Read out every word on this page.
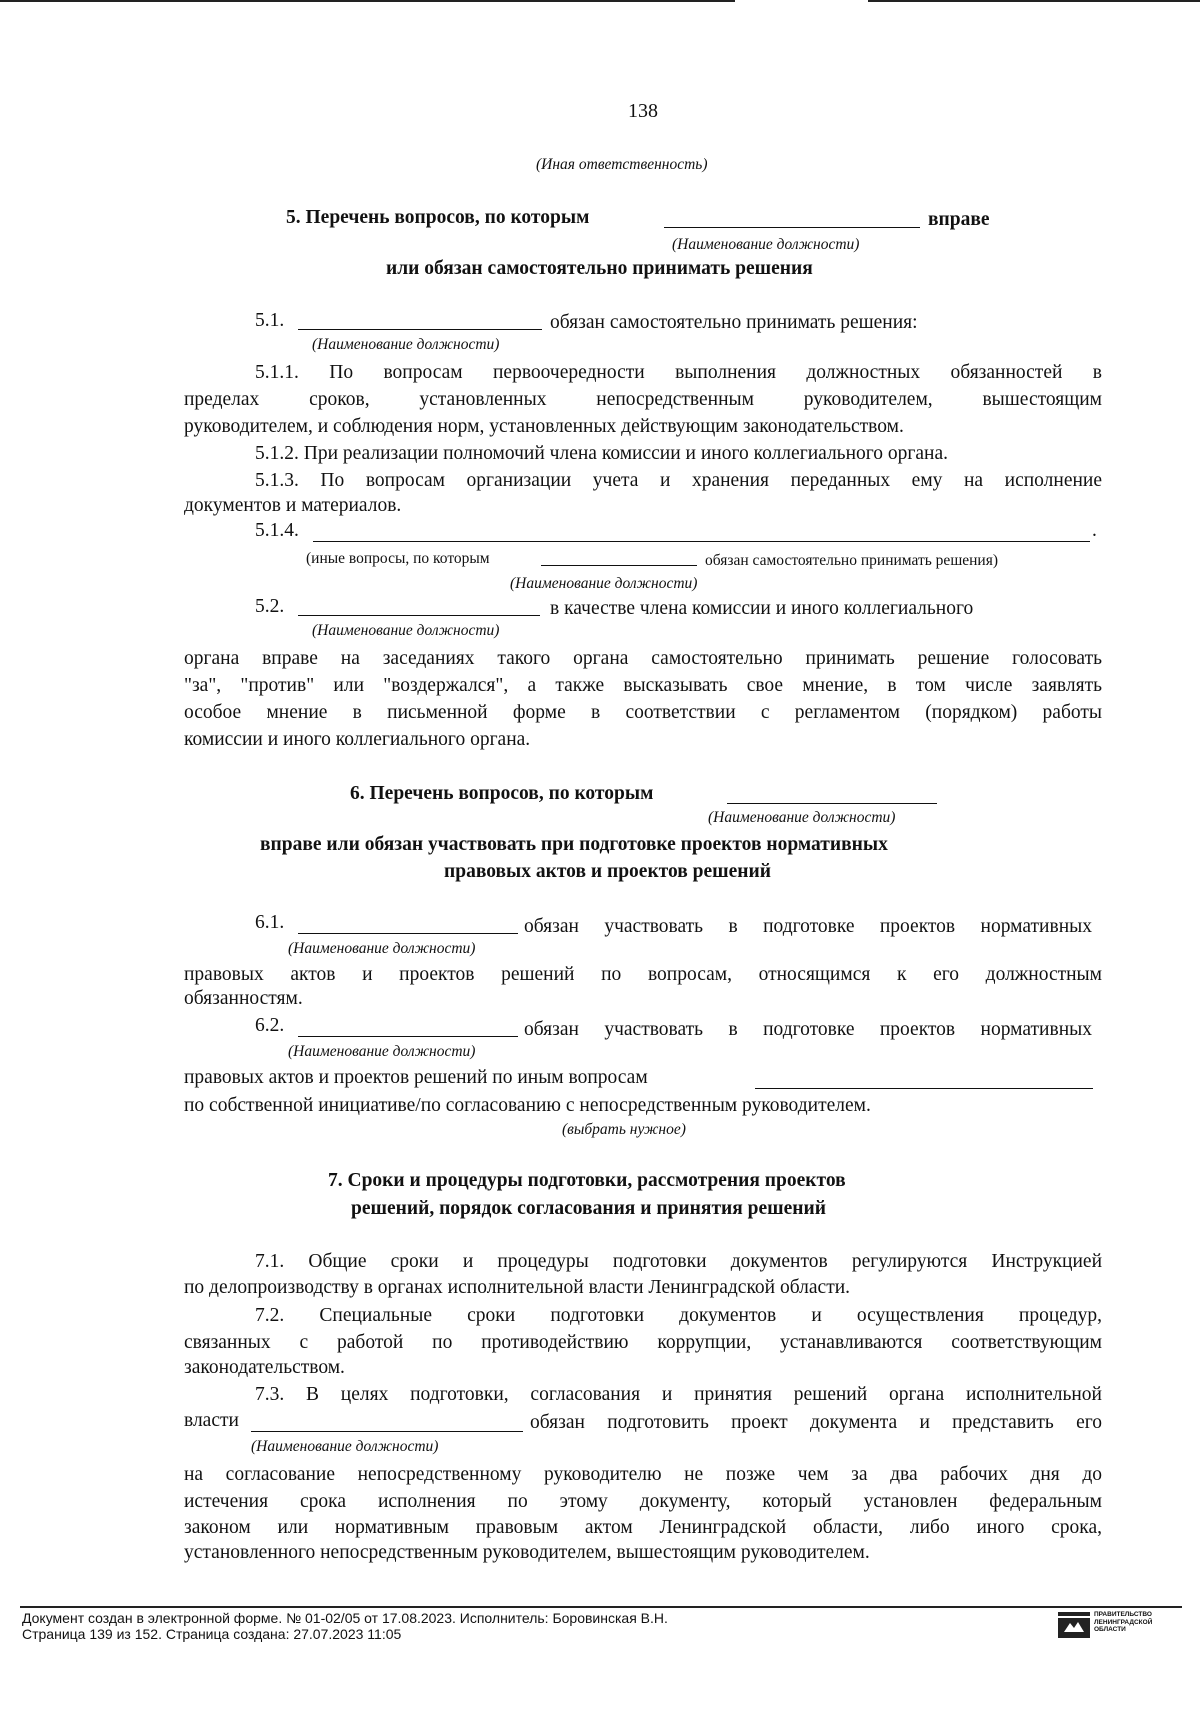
138
(Иная ответственность)
5. Перечень вопросов, по которым	вправе
(Наименование должности)
или обязан самостоятельно принимать решения
5.1.	обязан самостоятельно принимать решения:
(Наименование должности)
5.1.1. По вопросам первоочередности выполнения должностных обязанностей в
пределах сроков, установленных непосредственным руководителем, вышестоящим
руководителем, и соблюдения норм, установленных действующим законодательством.
5.1.2. При реализации полномочий члена комиссии и иного коллегиального органа.
5.1.3. По вопросам организации учета и хранения переданных ему на исполнение
документов и материалов.
5.1.4.	.
(иные вопросы, по которым	обязан самостоятельно принимать решения)
(Наименование должности)
5.2.	в качестве члена комиссии и иного коллегиального
(Наименование должности)
органа вправе на заседаниях такого органа самостоятельно принимать решение голосовать
"за", "против" или "воздержался", а также высказывать свое мнение, в том числе заявлять
особое мнение в письменной форме в соответствии с регламентом (порядком) работы
комиссии и иного коллегиального органа.
6. Перечень вопросов, по которым
(Наименование должности)
вправе или обязан участвовать при подготовке проектов нормативных
правовых актов и проектов решений
6.1.	обязан участвовать в подготовке проектов нормативных
(Наименование должности)
правовых актов и проектов решений по вопросам, относящимся к его должностным
обязанностям.
6.2.	обязан участвовать в подготовке проектов нормативных
(Наименование должности)
правовых актов и проектов решений по иным вопросам
по собственной инициативе/по согласованию с непосредственным руководителем.
(выбрать нужное)
7. Сроки и процедуры подготовки, рассмотрения проектов
решений, порядок согласования и принятия решений
7.1. Общие сроки и процедуры подготовки документов регулируются Инструкцией
по делопроизводству в органах исполнительной власти Ленинградской области.
7.2. Специальные сроки подготовки документов и осуществления процедур,
связанных с работой по противодействию коррупции, устанавливаются соответствующим
законодательством.
7.3. В целях подготовки, согласования и принятия решений органа исполнительной
власти	обязан подготовить проект документа и представить его
(Наименование должности)
на согласование непосредственному руководителю не позже чем за два рабочих дня до
истечения срока исполнения по этому документу, который установлен федеральным
законом или нормативным правовым актом Ленинградской области, либо иного срока,
установленного непосредственным руководителем, вышестоящим руководителем.
Документ создан в электронной форме. № 01-02/05 от 17.08.2023. Исполнитель: Боровинская В.Н.
Страница 139 из 152. Страница создана: 27.07.2023 11:05
ПРАВИТЕЛЬСТВО
ЛЕНИНГРАДСКОЙ
ОБЛАСТИ
